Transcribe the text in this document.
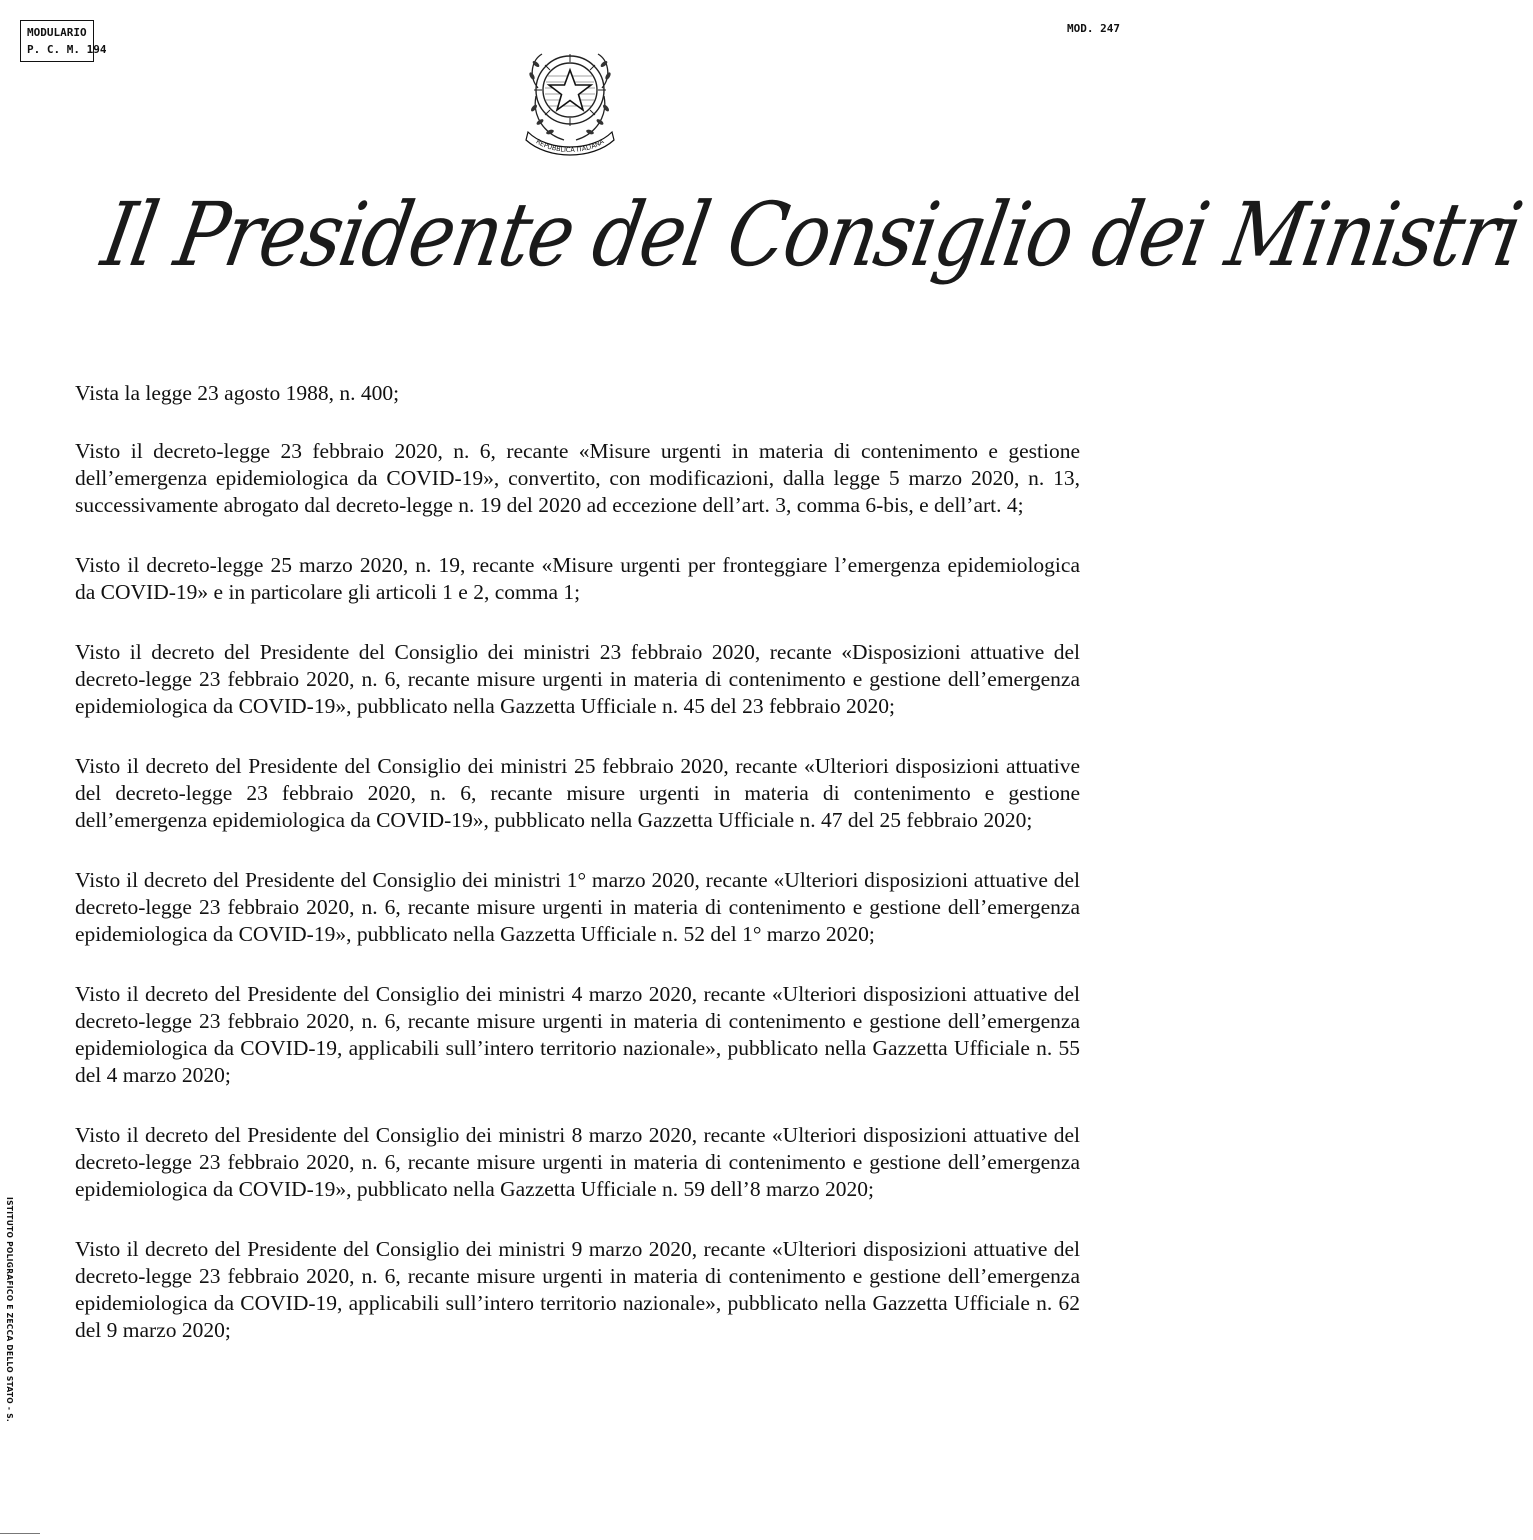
MODULARIO
P. C. M. 194
MOD. 247
REPUBBLICA ITALIANA
Il Presidente del Consiglio dei Ministri

Vista la legge 23 agosto 1988, n. 400;

Visto il decreto-legge 23 febbraio 2020, n. 6, recante «Misure urgenti in materia di contenimento e gestione dell’emergenza epidemiologica da COVID-19», convertito, con modificazioni, dalla legge 5 marzo 2020, n. 13, successivamente abrogato dal decreto-legge n. 19 del 2020 ad eccezione dell’art. 3, comma 6-bis, e dell’art. 4;

Visto il decreto-legge 25 marzo 2020, n. 19, recante «Misure urgenti per fronteggiare l’emergenza epidemiologica da COVID-19» e in particolare gli articoli 1 e 2, comma 1;

Visto il decreto del Presidente del Consiglio dei ministri 23 febbraio 2020, recante «Disposizioni attuative del decreto-legge 23 febbraio 2020, n. 6, recante misure urgenti in materia di contenimento e gestione dell’emergenza epidemiologica da COVID-19», pubblicato nella Gazzetta Ufficiale n. 45 del 23 febbraio 2020;

Visto il decreto del Presidente del Consiglio dei ministri 25 febbraio 2020, recante «Ulteriori disposizioni attuative del decreto-legge 23 febbraio 2020, n. 6, recante misure urgenti in materia di contenimento e gestione dell’emergenza epidemiologica da COVID-19», pubblicato nella Gazzetta Ufficiale n. 47 del 25 febbraio 2020;

Visto il decreto del Presidente del Consiglio dei ministri 1° marzo 2020, recante «Ulteriori disposizioni attuative del decreto-legge 23 febbraio 2020, n. 6, recante misure urgenti in materia di contenimento e gestione dell’emergenza epidemiologica da COVID-19», pubblicato nella Gazzetta Ufficiale n. 52 del 1° marzo 2020;

Visto il decreto del Presidente del Consiglio dei ministri 4 marzo 2020, recante «Ulteriori disposizioni attuative del decreto-legge 23 febbraio 2020, n. 6, recante misure urgenti in materia di contenimento e gestione dell’emergenza epidemiologica da COVID-19, applicabili sull’intero territorio nazionale», pubblicato nella Gazzetta Ufficiale n. 55 del 4 marzo 2020;

Visto il decreto del Presidente del Consiglio dei ministri 8 marzo 2020, recante «Ulteriori disposizioni attuative del decreto-legge 23 febbraio 2020, n. 6, recante misure urgenti in materia di contenimento e gestione dell’emergenza epidemiologica da COVID-19», pubblicato nella Gazzetta Ufficiale n. 59 dell’8 marzo 2020;

Visto il decreto del Presidente del Consiglio dei ministri 9 marzo 2020, recante «Ulteriori disposizioni attuative del decreto-legge 23 febbraio 2020, n. 6, recante misure urgenti in materia di contenimento e gestione dell’emergenza epidemiologica da COVID-19, applicabili sull’intero territorio nazionale», pubblicato nella Gazzetta Ufficiale n. 62 del 9 marzo 2020;

ISTITUTO POLIGRAFICO E ZECCA DELLO STATO - S.
